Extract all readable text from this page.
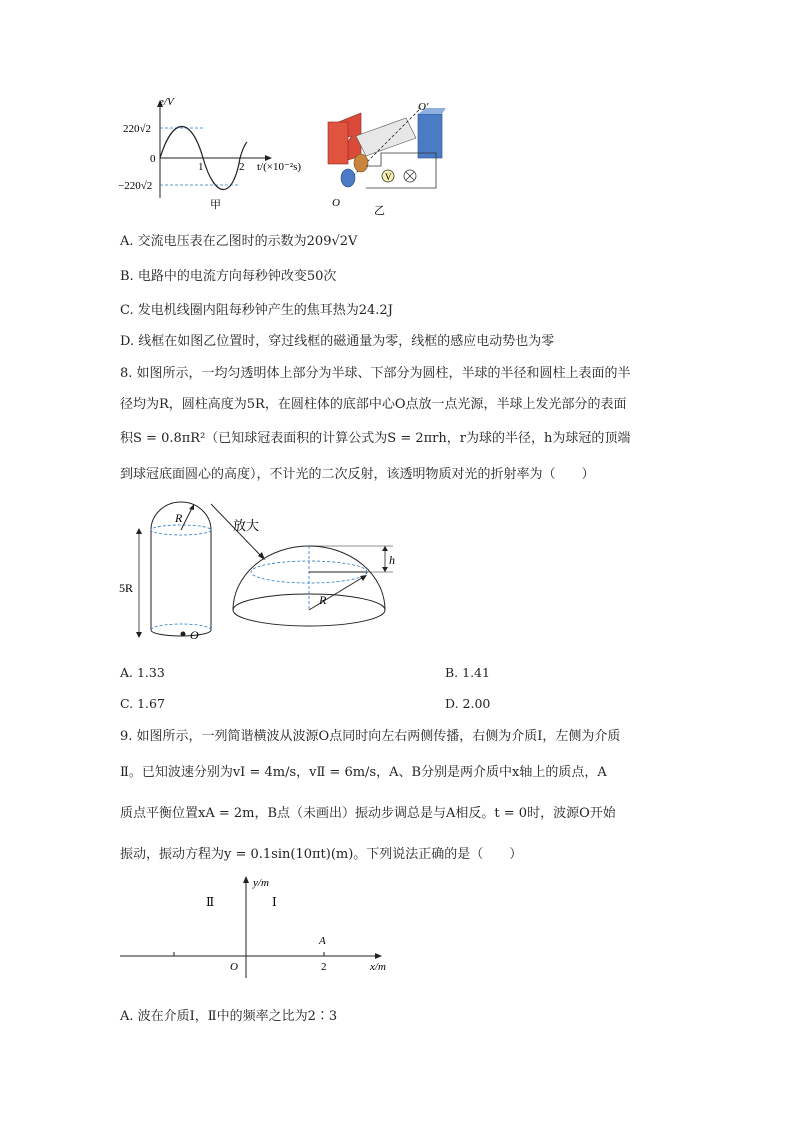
e/V
220√2
0
−220√2
1	2 t/(×10⁻²s)
甲
V
O′
O
乙
A. 交流电压表在乙图时的示数为209√2V
B. 电路中的电流方向每秒钟改变50次
C. 发电机线圈内阻每秒钟产生的焦耳热为24.2J
D. 线框在如图乙位置时，穿过线框的磁通量为零，线框的感应电动势也为零
8. 如图所示，一均匀透明体上部分为半球、下部分为圆柱，半球的半径和圆柱上表面的半
径均为R，圆柱高度为5R，在圆柱体的底部中心O点放一点光源，半球上发光部分的表面
积S = 0.8πR²（已知球冠表面积的计算公式为S = 2πrh，r为球的半径，h为球冠的顶端
到球冠底面圆心的高度），不计光的二次反射，该透明物质对光的折射率为（　　）
R
5R
O
放大
R
h
A. 1.33	B. 1.41
C. 1.67	D. 2.00
9. 如图所示，一列简谐横波从波源O点同时向左右两侧传播，右侧为介质Ⅰ，左侧为介质
Ⅱ。已知波速分别为vⅠ = 4m/s，vⅡ = 6m/s，A、B分别是两介质中x轴上的质点，A
质点平衡位置xA = 2m，B点（未画出）振动步调总是与A相反。t = 0时，波源O开始
振动，振动方程为y = 0.1sin(10πt)(m)。下列说法正确的是（　　）
y/m
x/m
O
Ⅱ	Ⅰ
A
2
A. 波在介质Ⅰ，Ⅱ中的频率之比为2∶3
